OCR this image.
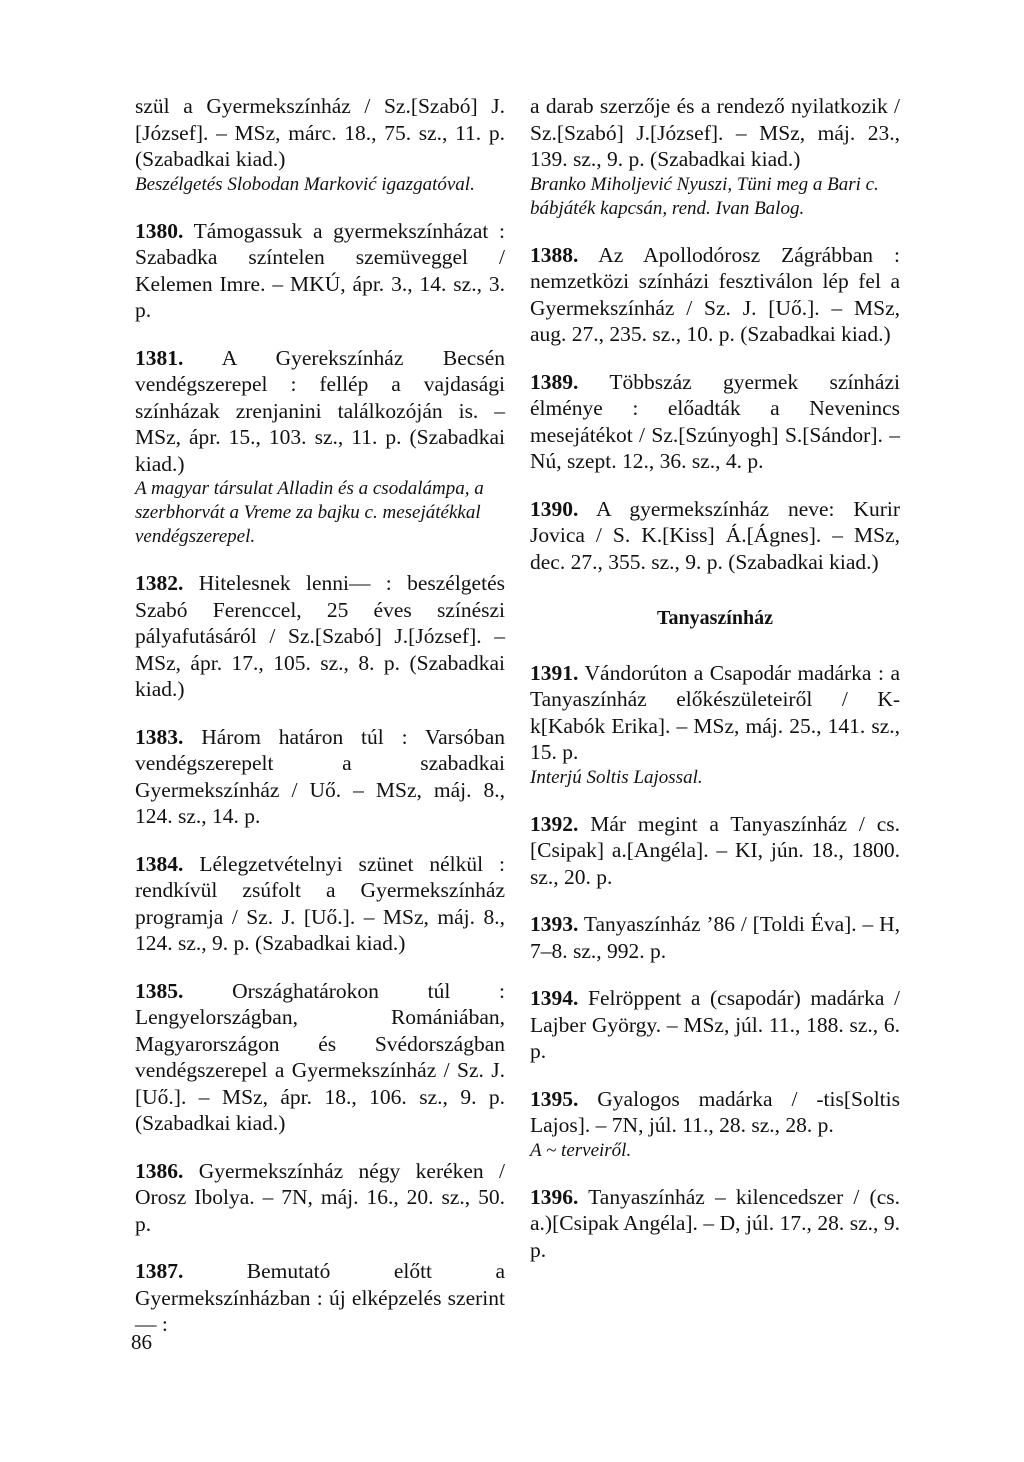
szül a Gyermekszínház / Sz.[Szabó] J.[József]. – MSz, márc. 18., 75. sz., 11. p. (Szabadkai kiad.)
Beszélgetés Slobodan Marković igazgatóval.

1380. Támogassuk a gyermekszínházat : Szabadka színtelen szemüveggel / Kelemen Imre. – MKÚ, ápr. 3., 14. sz., 3. p.

1381. A Gyerekszínház Becsén vendégszerepel : fellép a vajdasági színházak zrenjanini találkozóján is. – MSz, ápr. 15., 103. sz., 11. p. (Szabadkai kiad.)
A magyar társulat Alladin és a csodalámpa, a szerbhorvát a Vreme za bajku c. mesejátékkal vendégszerepel.

1382. Hitelesnek lenni— : beszélgetés Szabó Ferenccel, 25 éves színészi pályafutásáról / Sz.[Szabó] J.[József]. – MSz, ápr. 17., 105. sz., 8. p. (Szabadkai kiad.)

1383. Három határon túl : Varsóban vendégszerepelt a szabadkai Gyermekszínház / Uő. – MSz, máj. 8., 124. sz., 14. p.

1384. Lélegzetvételnyi szünet nélkül : rendkívül zsúfolt a Gyermekszínház programja / Sz. J. [Uő.]. – MSz, máj. 8., 124. sz., 9. p. (Szabadkai kiad.)

1385. Országhatárokon túl : Lengyelországban, Romániában, Magyarországon és Svédországban vendégszerepel a Gyermekszínház / Sz. J. [Uő.]. – MSz, ápr. 18., 106. sz., 9. p. (Szabadkai kiad.)

1386. Gyermekszínház négy keréken / Orosz Ibolya. – 7N, máj. 16., 20. sz., 50. p.

1387.	Bemutató előtt a Gyermekszínházban : új elképzelés szerint— :

a darab szerzője és a rendező nyilatkozik / Sz.[Szabó] J.[József]. – MSz, máj. 23., 139. sz., 9. p. (Szabadkai kiad.)
Branko Miholjević Nyuszi, Tüni meg a Bari c. bábjáték kapcsán, rend. Ivan Balog.

1388. Az Apollodórosz Zágrábban : nemzetközi színházi fesztiválon lép fel a Gyermekszínház / Sz. J. [Uő.]. – MSz, aug. 27., 235. sz., 10. p. (Szabadkai kiad.)

1389. Többszáz gyermek színházi élménye : előadták a Nevenincs mesejátékot / Sz.[Szúnyogh] S.[Sándor]. – Nú, szept. 12., 36. sz., 4. p.

1390. A gyermekszínház neve: Kurir Jovica / S. K.[Kiss] Á.[Ágnes]. – MSz, dec. 27., 355. sz., 9. p. (Szabadkai kiad.)

Tanyaszínház

1391. Vándorúton a Csapodár madárka : a Tanyaszínház előkészületeiről / K-k[Kabók Erika]. – MSz, máj. 25., 141. sz., 15. p.
Interjú Soltis Lajossal.

1392. Már megint a Tanyaszínház / cs.[Csipak] a.[Angéla]. – KI, jún. 18., 1800. sz., 20. p.

1393. Tanyaszínház ’86 / [Toldi Éva]. – H, 7–8. sz., 992. p.

1394. Felröppent a (csapodár) madárka / Lajber György. – MSz, júl. 11., 188. sz., 6. p.

1395. Gyalogos madárka / -tis[Soltis Lajos]. – 7N, júl. 11., 28. sz., 28. p.
A ~ terveiről.

1396. Tanyaszínház – kilencedszer / (cs. a.)[Csipak Angéla]. – D, júl. 17., 28. sz., 9. p.

86
